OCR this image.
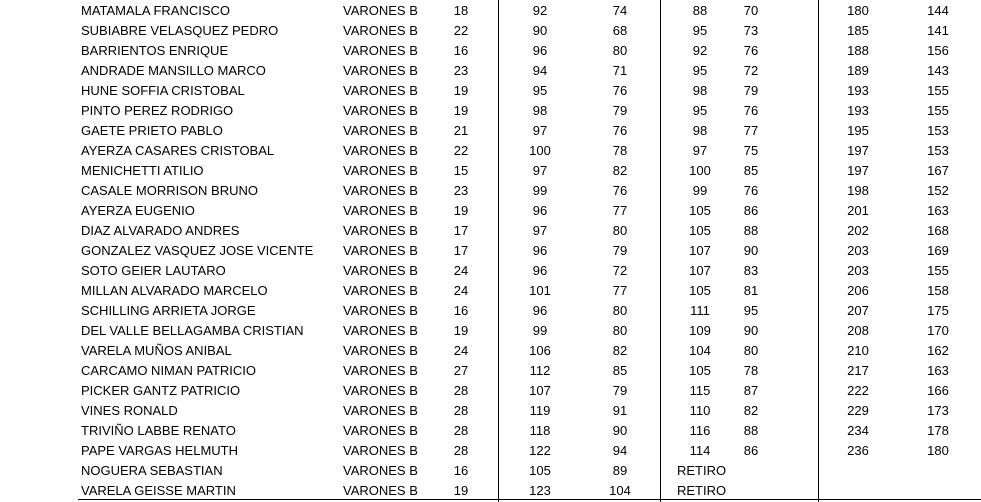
MATAMALA FRANCISCO	VARONES B	18	92	74	88	70	180	144
SUBIABRE VELASQUEZ PEDRO	VARONES B	22	90	68	95	73	185	141
BARRIENTOS ENRIQUE	VARONES B	16	96	80	92	76	188	156
ANDRADE MANSILLO MARCO	VARONES B	23	94	71	95	72	189	143
HUNE SOFFIA CRISTOBAL	VARONES B	19	95	76	98	79	193	155
PINTO PEREZ RODRIGO	VARONES B	19	98	79	95	76	193	155
GAETE PRIETO PABLO	VARONES B	21	97	76	98	77	195	153
AYERZA CASARES CRISTOBAL	VARONES B	22	100	78	97	75	197	153
MENICHETTI ATILIO	VARONES B	15	97	82	100	85	197	167
CASALE MORRISON BRUNO	VARONES B	23	99	76	99	76	198	152
AYERZA EUGENIO	VARONES B	19	96	77	105	86	201	163
DIAZ ALVARADO ANDRES	VARONES B	17	97	80	105	88	202	168
GONZALEZ VASQUEZ JOSE VICENTE VARONES B	17	96	79	107	90	203	169
SOTO GEIER LAUTARO	VARONES B	24	96	72	107	83	203	155
MILLAN ALVARADO MARCELO	VARONES B	24	101	77	105	81	206	158
SCHILLING ARRIETA JORGE	VARONES B	16	96	80	111	95	207	175
DEL VALLE BELLAGAMBA CRISTIAN	VARONES B	19	99	80	109	90	208	170
VARELA MUÑOS ANIBAL	VARONES B	24	106	82	104	80	210	162
CARCAMO NIMAN PATRICIO	VARONES B	27	112	85	105	78	217	163
PICKER GANTZ PATRICIO	VARONES B	28	107	79	115	87	222	166
VINES RONALD	VARONES B	28	119	91	110	82	229	173
TRIVIÑO LABBE RENATO	VARONES B	28	118	90	116	88	234	178
PAPE VARGAS HELMUTH	VARONES B	28	122	94	114	86	236	180
NOGUERA SEBASTIAN	VARONES B	16	105	89	RETIRO
VARELA GEISSE MARTIN	VARONES B	19	123	104	RETIRO
